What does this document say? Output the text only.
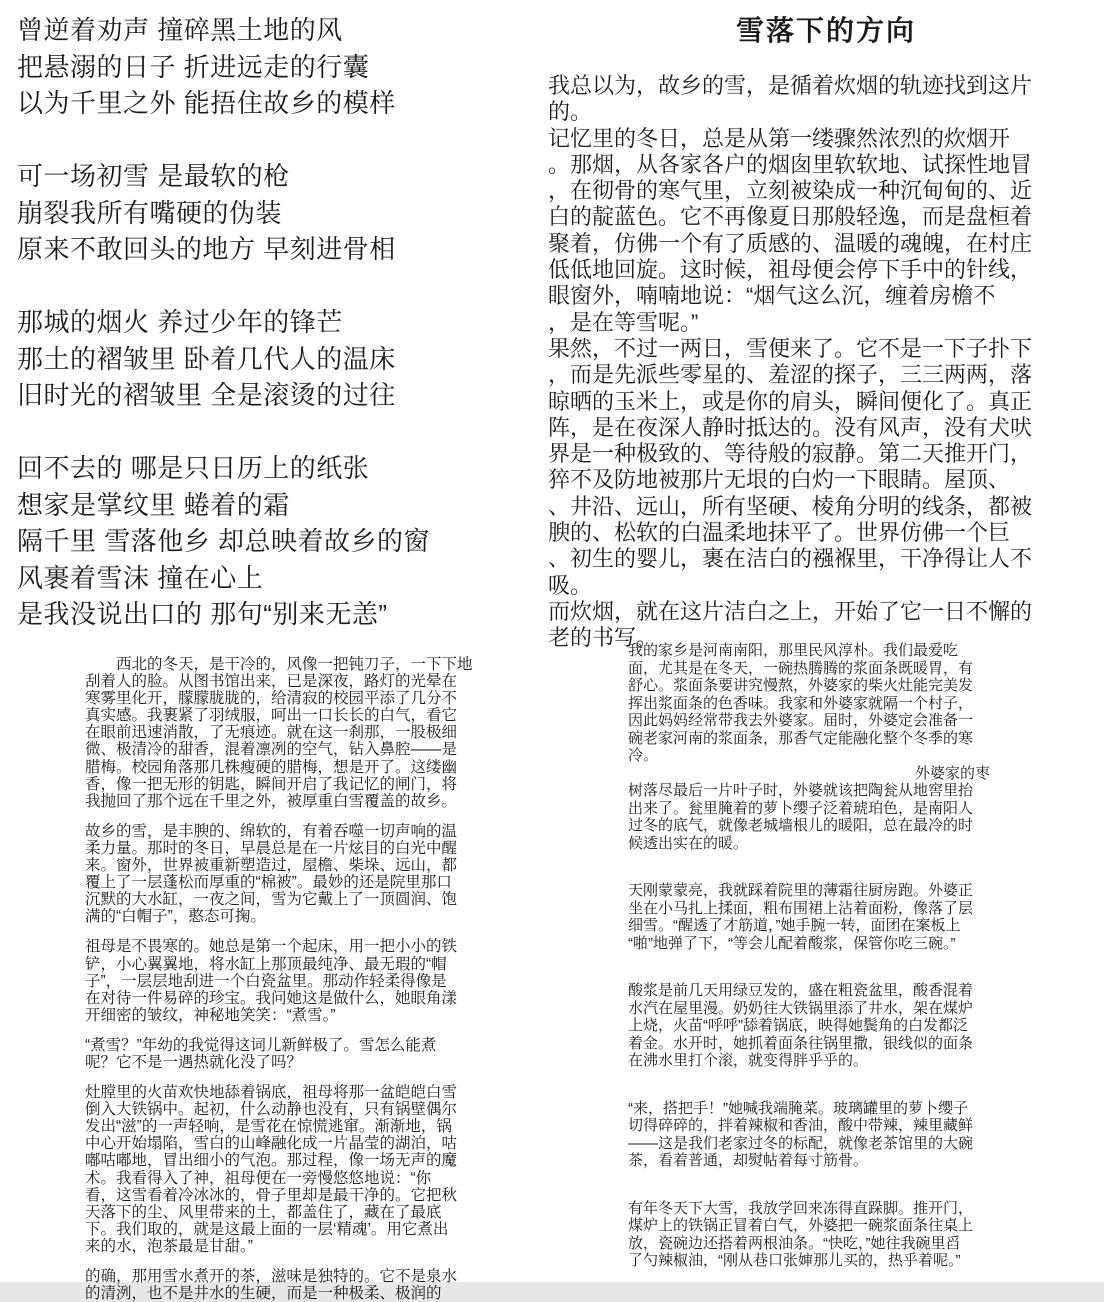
曾逆着劝声 撞碎黑土地的风
把悬溺的日子 折进远走的行囊
以为千里之外 能捂住故乡的模样
可一场初雪 是最软的枪
崩裂我所有嘴硬的伪装
原来不敢回头的地方 早刻进骨相
那城的烟火 养过少年的锋芒
那土的褶皱里 卧着几代人的温床
旧时光的褶皱里 全是滚烫的过往
回不去的 哪是只日历上的纸张
想家是掌纹里 蜷着的霜
隔千里 雪落他乡 却总映着故乡的窗
风裹着雪沫 撞在心上
是我没说出口的 那句“别来无恙”
雪落下的方向
我总以为，故乡的雪，是循着炊烟的轨迹找到这片
的。
记忆里的冬日，总是从第一缕骤然浓烈的炊烟开
。那烟，从各家各户的烟囱里软软地、试探性地冒
，在彻骨的寒气里，立刻被染成一种沉甸甸的、近
白的靛蓝色。它不再像夏日那般轻逸，而是盘桓着
聚着，仿佛一个有了质感的、温暖的魂魄，在村庄
低低地回旋。这时候，祖母便会停下手中的针线，
眼窗外，喃喃地说：“烟气这么沉，缠着房檐不
，是在等雪呢。”
果然，不过一两日，雪便来了。它不是一下子扑下
，而是先派些零星的、羞涩的探子，三三两两，落
晾晒的玉米上，或是你的肩头，瞬间便化了。真正
阵，是在夜深人静时抵达的。没有风声，没有犬吠
界是一种极致的、等待般的寂静。第二天推开门，
猝不及防地被那片无垠的白灼一下眼睛。屋顶、
、井沿、远山，所有坚硬、棱角分明的线条，都被
腴的、松软的白温柔地抹平了。世界仿佛一个巨
、初生的婴儿，裹在洁白的襁褓里，干净得让人不
吸。
而炊烟，就在这片洁白之上，开始了它一日不懈的
老的书写。
　　西北的冬天，是干冷的，风像一把钝刀子，一下下地
刮着人的脸。从图书馆出来，已是深夜，路灯的光晕在
寒雾里化开，朦朦胧胧的，给清寂的校园平添了几分不
真实感。我裹紧了羽绒服，呵出一口长长的白气，看它
在眼前迅速消散，了无痕迹。就在这一刹那，一股极细
微、极清冷的甜香，混着凛冽的空气，钻入鼻腔——是
腊梅。校园角落那几株瘦硬的腊梅，想是开了。这缕幽
香，像一把无形的钥匙，瞬间开启了我记忆的闸门，将
我抛回了那个远在千里之外，被厚重白雪覆盖的故乡。
故乡的雪，是丰腴的、绵软的，有着吞噬一切声响的温
柔力量。那时的冬日，早晨总是在一片炫目的白光中醒
来。窗外，世界被重新塑造过，屋檐、柴垛、远山，都
覆上了一层蓬松而厚重的“棉被”。最妙的还是院里那口
沉默的大水缸，一夜之间，雪为它戴上了一顶圆润、饱
满的“白帽子”，憨态可掬。
祖母是不畏寒的。她总是第一个起床，用一把小小的铁
铲，小心翼翼地，将水缸上那顶最纯净、最无瑕的“帽
子”，一层层地刮进一个白瓷盆里。那动作轻柔得像是
在对待一件易碎的珍宝。我问她这是做什么，她眼角漾
开细密的皱纹，神秘地笑笑：“煮雪。”
“煮雪？”年幼的我觉得这词儿新鲜极了。雪怎么能煮
呢？它不是一遇热就化没了吗？
灶膛里的火苗欢快地舔着锅底，祖母将那一盆皑皑白雪
倒入大铁锅中。起初，什么动静也没有，只有锅壁偶尔
发出“滋”的一声轻响，是雪花在惊慌逃窜。渐渐地，锅
中心开始塌陷，雪白的山峰融化成一片晶莹的湖泊，咕
嘟咕嘟地，冒出细小的气泡。那过程，像一场无声的魔
术。我看得入了神，祖母便在一旁慢悠悠地说：“你
看，这雪看着冷冰冰的，骨子里却是最干净的。它把秋
天落下的尘、风里带来的土，都盖住了，藏在了最底
下。我们取的，就是这最上面的一层‘精魂’。用它煮出
来的水，泡茶最是甘甜。”
的确，那用雪水煮开的茶，滋味是独特的。它不是泉水
的清洌，也不是井水的生硬，而是一种极柔、极润的
我的家乡是河南南阳，那里民风淳朴。我们最爱吃
面，尤其是在冬天，一碗热腾腾的浆面条既暖胃，有
舒心。浆面条要讲究慢熬，外婆家的柴火灶能完美发
挥出浆面条的色香味。我家和外婆家就隔一个村子，
因此妈妈经常带我去外婆家。届时，外婆定会准备一
碗老家河南的浆面条，那香气定能融化整个冬季的寒
冷。
外婆家的枣
树落尽最后一片叶子时，外婆就该把陶瓮从地窖里抬
出来了。瓮里腌着的萝卜缨子泛着琥珀色，是南阳人
过冬的底气，就像老城墙根儿的暖阳，总在最冷的时
候透出实在的暖。
天刚蒙蒙亮，我就踩着院里的薄霜往厨房跑。外婆正
坐在小马扎上揉面，粗布围裙上沾着面粉，像落了层
细雪。“醒透了才筋道，”她手腕一转，面团在案板上
“啪”地弹了下，“等会儿配着酸浆，保管你吃三碗。”
酸浆是前几天用绿豆发的，盛在粗瓷盆里，酸香混着
水汽在屋里漫。奶奶往大铁锅里添了井水，架在煤炉
上烧，火苗“呼呼”舔着锅底，映得她鬓角的白发都泛
着金。水开时，她抓着面条往锅里撒，银线似的面条
在沸水里打个滚，就变得胖乎乎的。
“来，搭把手！”她喊我端腌菜。玻璃罐里的萝卜缨子
切得碎碎的，拌着辣椒和香油，酸中带辣，辣里藏鲜
——这是我们老家过冬的标配，就像老茶馆里的大碗
茶，看着普通，却熨帖着每寸筋骨。
有年冬天下大雪，我放学回来冻得直跺脚。推开门，
煤炉上的铁锅正冒着白气，外婆把一碗浆面条往桌上
放，瓷碗边还搭着两根油条。“快吃，”她往我碗里舀
了勺辣椒油，“刚从巷口张婶那儿买的，热乎着呢。”
